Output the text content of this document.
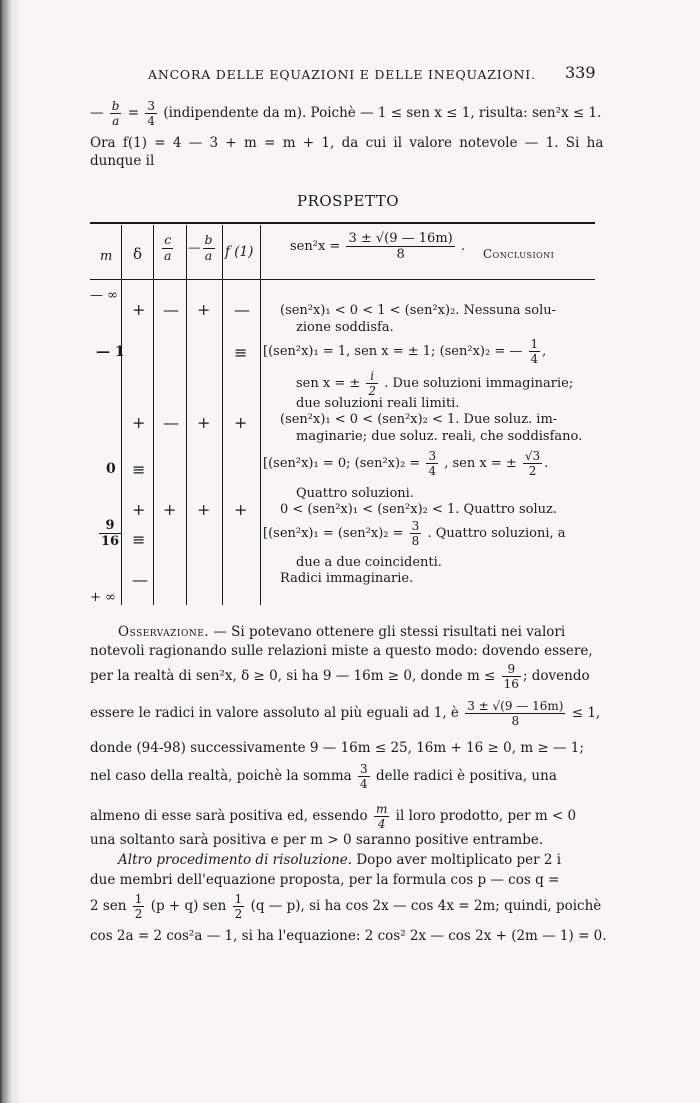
ANCORA DELLE EQUAZIONI E DELLE INEQUAZIONI. 339
— $\frac{b}{a} = \frac{3}{4}$ (indipendente da m). Poichè — 1 ≤ sen x ≤ 1, risulta: sen²x ≤ 1.
Ora f(1) = 4 — 3 + m = m + 1, da cui il valore notevole — 1. Si ha
dunque il
PROSPETTO
m δ $\frac{c}{a}$ — $\frac{b}{a}$ f (1)	$sen^2x = \frac{3 \pm √(9 — 16m)}{8}$ . Conclusioni
— ∞
— 1
0
$\frac{9}{16}$
+ ∞
+ — + —
≡
+ — + +
≡
+ + + +
≡
—
(sen²x)₁ < 0 < 1 < (sen²x)₂. Nessuna solu-
zione soddisfa.
[(sen²x)₁ = 1, sen x = ± 1; (sen²x)₂ = — $\frac{1}{4}$ ,
sen x = ± $\frac{i}{2}$ . Due soluzioni immaginarie;
due soluzioni reali limiti.
(sen²x)₁ < 0 < (sen²x)₂ < 1. Due soluz. im-
maginarie; due soluz. reali, che soddisfano.
[(sen²x)₁ = 0; $(sen^2x)_2 = \frac{3}{4}$ , sen x = ± $\frac{√3}{2}$ .
Quattro soluzioni.
0 < (sen²x)₁ < (sen²x)₂ < 1. Quattro soluz.
[$(sen^2x)_1 = (sen^2x)_2 = \frac{3}{8}$ . Quattro soluzioni, a
due a due coincidenti.
Radici immaginarie.
Osservazione. — Si potevano ottenere gli stessi risultati nei valori
notevoli ragionando sulle relazioni miste a questo modo: dovendo essere,
per la realtà di sen²x, δ ≥ 0, si ha 9 — 16m ≥ 0, donde $m \le \frac{9}{16}$ ; dovendo
essere le radici in valore assoluto al più eguali ad 1, è $\frac{3 \pm √(9 — 16m)}{8} \le 1$,
donde (94-98) successivamente 9 — 16m ≤ 25, 16m + 16 ≥ 0, m ≥ — 1;
nel caso della realtà, poichè la somma $\frac{3}{4}$ delle radici è positiva, una
almeno di esse sarà positiva ed, essendo $\frac{m}{4}$ il loro prodotto, per m < 0
una soltanto sarà positiva e per m > 0 saranno positive entrambe.
Altro procedimento di risoluzione. Dopo aver moltiplicato per 2 i
due membri dell'equazione proposta, per la formula cos p — cos q =
2 sen $\frac{1}{2} (p + q)$ sen $\frac{1}{2} (q$ — p), si ha cos 2x — cos 4x = 2m; quindi, poichè
cos 2a = 2 cos²a — 1, si ha l'equazione: 2 cos² 2x — cos 2x + (2m — 1) = 0.
